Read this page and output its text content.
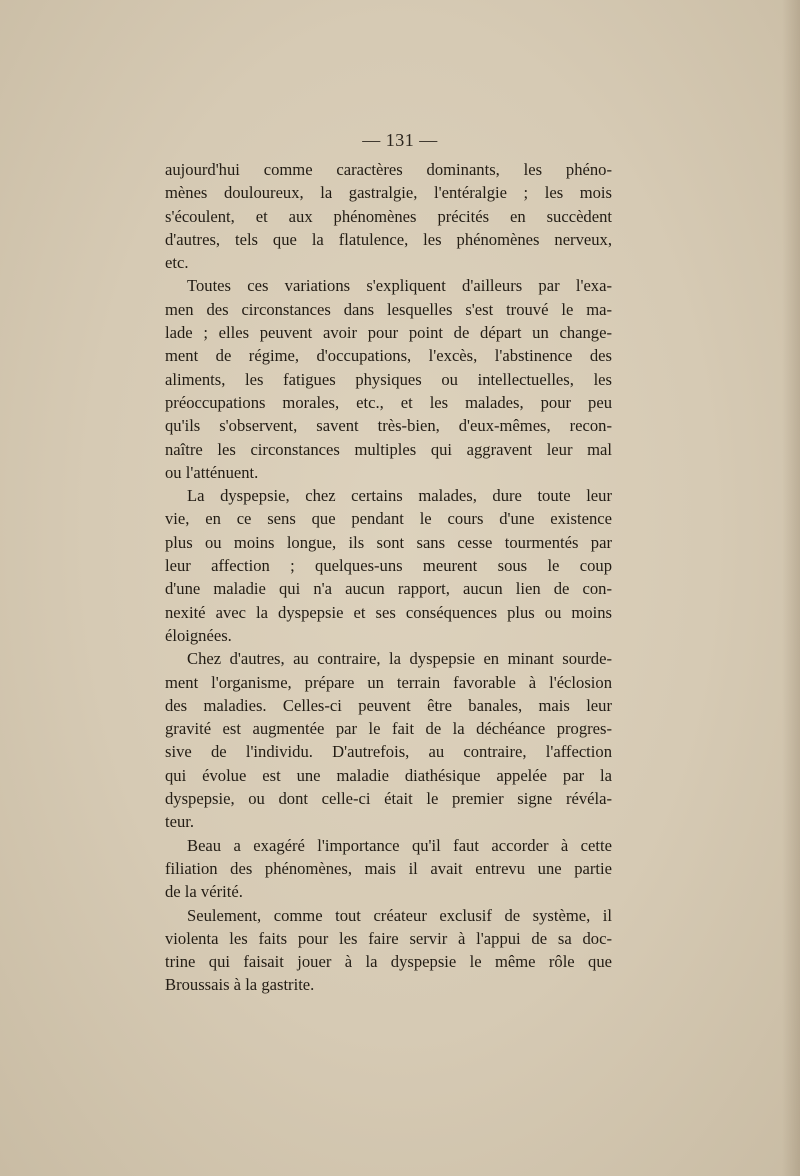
— 131 —
aujourd'hui comme caractères dominants, les phéno-
mènes douloureux, la gastralgie, l'entéralgie ; les mois
s'écoulent, et aux phénomènes précités en succèdent
d'autres, tels que la flatulence, les phénomènes nerveux,
etc.
Toutes ces variations s'expliquent d'ailleurs par l'exa-
men des circonstances dans lesquelles s'est trouvé le ma-
lade ; elles peuvent avoir pour point de départ un change-
ment de régime, d'occupations, l'excès, l'abstinence des
aliments, les fatigues physiques ou intellectuelles, les
préoccupations morales, etc., et les malades, pour peu
qu'ils s'observent, savent très-bien, d'eux-mêmes, recon-
naître les circonstances multiples qui aggravent leur mal
ou l'atténuent.
La dyspepsie, chez certains malades, dure toute leur
vie, en ce sens que pendant le cours d'une existence
plus ou moins longue, ils sont sans cesse tourmentés par
leur affection ; quelques-uns meurent sous le coup
d'une maladie qui n'a aucun rapport, aucun lien de con-
nexité avec la dyspepsie et ses conséquences plus ou moins
éloignées.
Chez d'autres, au contraire, la dyspepsie en minant sourde-
ment l'organisme, prépare un terrain favorable à l'éclosion
des maladies. Celles-ci peuvent être banales, mais leur
gravité est augmentée par le fait de la déchéance progres-
sive de l'individu. D'autrefois, au contraire, l'affection
qui évolue est une maladie diathésique appelée par la
dyspepsie, ou dont celle-ci était le premier signe révéla-
teur.
Beau a exagéré l'importance qu'il faut accorder à cette
filiation des phénomènes, mais il avait entrevu une partie
de la vérité.
Seulement, comme tout créateur exclusif de système, il
violenta les faits pour les faire servir à l'appui de sa doc-
trine qui faisait jouer à la dyspepsie le même rôle que
Broussais à la gastrite.
